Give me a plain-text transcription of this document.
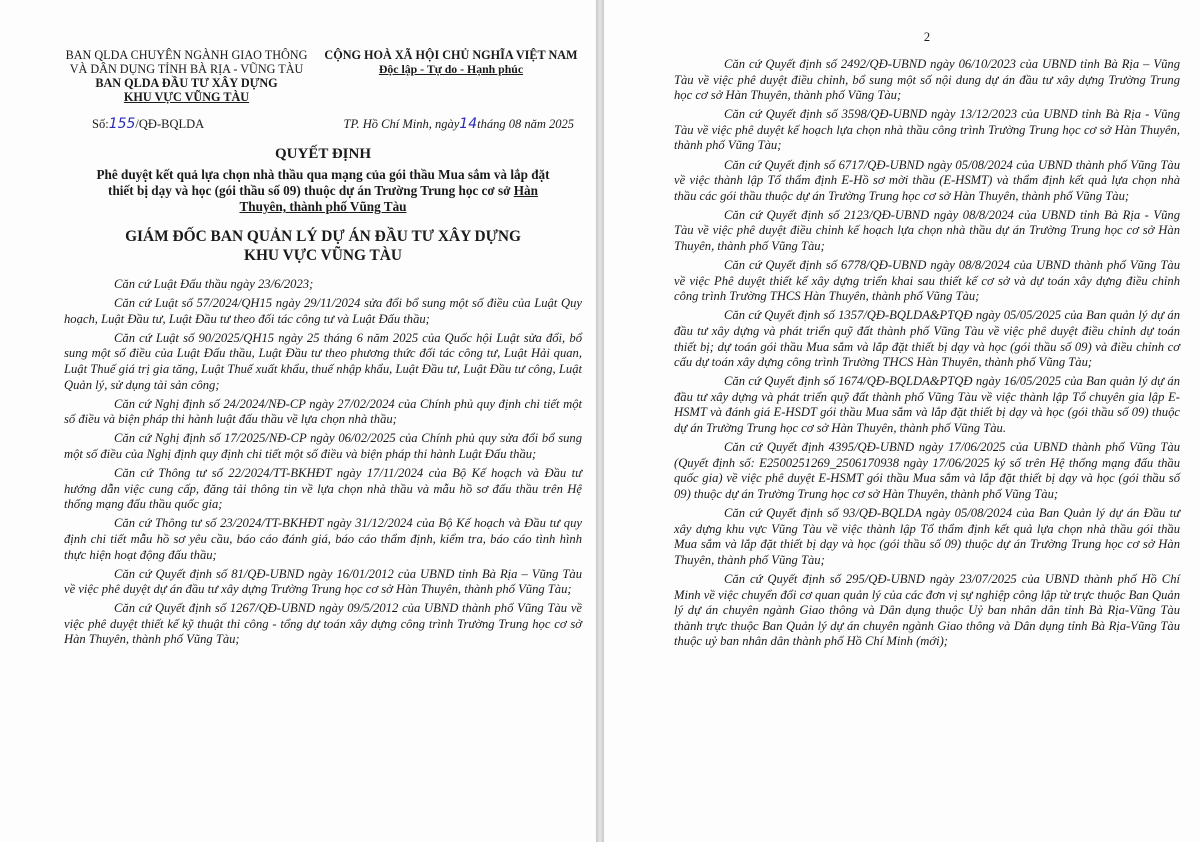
BAN QLDA CHUYÊN NGÀNH GIAO THÔNG
VÀ DÂN DỤNG TỈNH BÀ RỊA - VŨNG TÀU
BAN QLDA ĐẦU TƯ XÂY DỰNG
KHU VỰC VŨNG TÀU
CỘNG HOÀ XÃ HỘI CHỦ NGHĨA VIỆT NAM
Độc lập - Tự do - Hạnh phúc
Số:155/QĐ-BQLDA	TP. Hồ Chí Minh, ngày14tháng 08 năm 2025
QUYẾT ĐỊNH
Phê duyệt kết quả lựa chọn nhà thầu qua mạng của gói thầu Mua sắm và lắp đặt thiết bị dạy và học (gói thầu số 09) thuộc dự án Trường Trung học cơ sở Hàn Thuyên, thành phố Vũng Tàu
GIÁM ĐỐC BAN QUẢN LÝ DỰ ÁN ĐẦU TƯ XÂY DỰNG
KHU VỰC VŨNG TÀU

Căn cứ Luật Đấu thầu ngày 23/6/2023;

Căn cứ Luật số 57/2024/QH15 ngày 29/11/2024 sửa đổi bổ sung một số điều của Luật Quy hoạch, Luật Đầu tư, Luật Đầu tư theo đối tác công tư và Luật Đấu thầu;

Căn cứ Luật số 90/2025/QH15 ngày 25 tháng 6 năm 2025 của Quốc hội Luật sửa đổi, bổ sung một số điều của Luật Đấu thầu, Luật Đầu tư theo phương thức đối tác công tư, Luật Hải quan, Luật Thuế giá trị gia tăng, Luật Thuế xuất khẩu, thuế nhập khẩu, Luật Đầu tư, Luật Đầu tư công, Luật Quản lý, sử dụng tài sản công;

Căn cứ Nghị định số 24/2024/NĐ-CP ngày 27/02/2024 của Chính phủ quy định chi tiết một số điều và biện pháp thi hành luật đấu thầu về lựa chọn nhà thầu;

Căn cứ Nghị định số 17/2025/NĐ-CP ngày 06/02/2025 của Chính phủ quy sửa đổi bổ sung một số điều của Nghị định quy định chi tiết một số điều và biện pháp thi hành Luật Đấu thầu;

Căn cứ Thông tư số 22/2024/TT-BKHĐT ngày 17/11/2024 của Bộ Kế hoạch và Đầu tư hướng dẫn việc cung cấp, đăng tải thông tin về lựa chọn nhà thầu và mẫu hồ sơ đấu thầu trên Hệ thống mạng đấu thầu quốc gia;

Căn cứ Thông tư số 23/2024/TT-BKHĐT ngày 31/12/2024 của Bộ Kế hoạch và Đầu tư quy định chi tiết mẫu hồ sơ yêu cầu, báo cáo đánh giá, báo cáo thẩm định, kiểm tra, báo cáo tình hình thực hiện hoạt động đấu thầu;

Căn cứ Quyết định số 81/QĐ-UBND ngày 16/01/2012 của UBND tỉnh Bà Rịa – Vũng Tàu về việc phê duyệt dự án đầu tư xây dựng Trường Trung học cơ sở Hàn Thuyên, thành phố Vũng Tàu;

Căn cứ Quyết định số 1267/QĐ-UBND ngày 09/5/2012 của UBND thành phố Vũng Tàu về việc phê duyệt thiết kế kỹ thuật thi công - tổng dự toán xây dựng công trình Trường Trung học cơ sở Hàn Thuyên, thành phố Vũng Tàu;

2

Căn cứ Quyết định số 2492/QĐ-UBND ngày 06/10/2023 của UBND tỉnh Bà Rịa – Vũng Tàu về việc phê duyệt điều chỉnh, bổ sung một số nội dung dự án đầu tư xây dựng Trường Trung học cơ sở Hàn Thuyên, thành phố Vũng Tàu;

Căn cứ Quyết định số 3598/QĐ-UBND ngày 13/12/2023 của UBND tỉnh Bà Rịa - Vũng Tàu về việc phê duyệt kế hoạch lựa chọn nhà thầu công trình Trường Trung học cơ sở Hàn Thuyên, thành phố Vũng Tàu;

Căn cứ Quyết định số 6717/QĐ-UBND ngày 05/08/2024 của UBND thành phố Vũng Tàu về việc thành lập Tổ thẩm định E-Hồ sơ mời thầu (E-HSMT) và thẩm định kết quả lựa chọn nhà thầu các gói thầu thuộc dự án Trường Trung học cơ sở Hàn Thuyên, thành phố Vũng Tàu;

Căn cứ Quyết định số 2123/QĐ-UBND ngày 08/8/2024 của UBND tỉnh Bà Rịa - Vũng Tàu về việc phê duyệt điều chỉnh kế hoạch lựa chọn nhà thầu dự án Trường Trung học cơ sở Hàn Thuyên, thành phố Vũng Tàu;

Căn cứ Quyết định số 6778/QĐ-UBND ngày 08/8/2024 của UBND thành phố Vũng Tàu về việc Phê duyệt thiết kế xây dựng triển khai sau thiết kế cơ sở và dự toán xây dựng điều chỉnh công trình Trường THCS Hàn Thuyên, thành phố Vũng Tàu;

Căn cứ Quyết định số 1357/QĐ-BQLDA&PTQĐ ngày 05/05/2025 của Ban quản lý dự án đầu tư xây dựng và phát triển quỹ đất thành phố Vũng Tàu về việc phê duyệt điều chỉnh dự toán thiết bị; dự toán gói thầu Mua sắm và lắp đặt thiết bị dạy và học (gói thầu số 09) và điều chỉnh cơ cấu dự toán xây dựng công trình Trường THCS Hàn Thuyên, thành phố Vũng Tàu;

Căn cứ Quyết định số 1674/QĐ-BQLDA&PTQĐ ngày 16/05/2025 của Ban quản lý dự án đầu tư xây dựng và phát triển quỹ đất thành phố Vũng Tàu về việc thành lập Tổ chuyên gia lập E-HSMT và đánh giá E-HSDT gói thầu Mua sắm và lắp đặt thiết bị dạy và học (gói thầu số 09) thuộc dự án Trường Trung học cơ sở Hàn Thuyên, thành phố Vũng Tàu.

Căn cứ Quyết định 4395/QĐ-UBND ngày 17/06/2025 của UBND thành phố Vũng Tàu (Quyết định số: E2500251269_2506170938 ngày 17/06/2025 ký số trên Hệ thống mạng đấu thầu quốc gia) về việc phê duyệt E-HSMT gói thầu Mua sắm và lắp đặt thiết bị dạy và học (gói thầu số 09) thuộc dự án Trường Trung học cơ sở Hàn Thuyên, thành phố Vũng Tàu;

Căn cứ Quyết định số 93/QĐ-BQLDA ngày 05/08/2024 của Ban Quản lý dự án Đầu tư xây dựng khu vực Vũng Tàu về việc thành lập Tổ thẩm định kết quả lựa chọn nhà thầu gói thầu Mua sắm và lắp đặt thiết bị dạy và học (gói thầu số 09) thuộc dự án Trường Trung học cơ sở Hàn Thuyên, thành phố Vũng Tàu;

Căn cứ Quyết định số 295/QĐ-UBND ngày 23/07/2025 của UBND thành phố Hồ Chí Minh về việc chuyển đổi cơ quan quản lý của các đơn vị sự nghiệp công lập từ trực thuộc Ban Quản lý dự án chuyên ngành Giao thông và Dân dụng thuộc Uỷ ban nhân dân tỉnh Bà Rịa-Vũng Tàu thành trực thuộc Ban Quản lý dự án chuyên ngành Giao thông và Dân dụng tỉnh Bà Rịa-Vũng Tàu thuộc uỷ ban nhân dân thành phố Hồ Chí Minh (mới);
